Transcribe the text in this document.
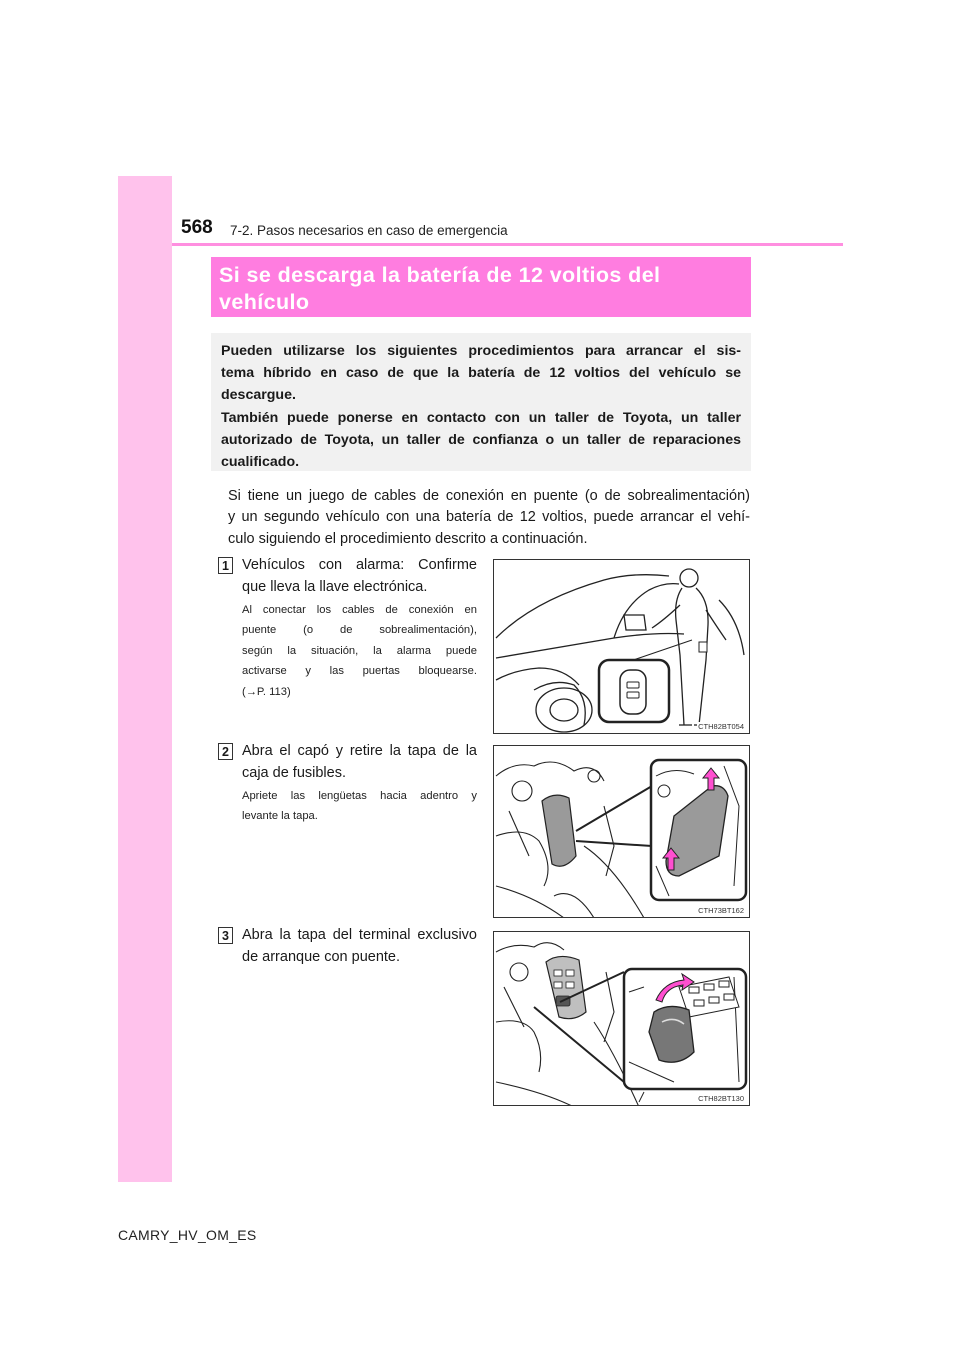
568 7-2. Pasos necesarios en caso de emergencia
Si se descarga la batería de 12 voltios del
vehículo

Pueden utilizarse los siguientes procedimientos para arrancar el sis-

tema híbrido en caso de que la batería de 12 voltios del vehículo se

descargue.

También puede ponerse en contacto con un taller de Toyota, un taller

autorizado de Toyota, un taller de confianza o un taller de reparaciones

cualificado.

Si tiene un juego de cables de conexión en puente (o de sobrealimentación)
y un segundo vehículo con una batería de 12 voltios, puede arrancar el vehí-
culo siguiendo el procedimiento descrito a continuación.
1 Vehículos con alarma: Confirme
que lleva la llave electrónica.
Al conectar los cables de conexión en
puente (o de sobrealimentación),
según la situación, la alarma puede
activarse y las puertas bloquearse.
(→P. 113)
CTH82BT054
2 Abra el capó y retire la tapa de la
caja de fusibles.
Apriete las lengüetas hacia adentro y
levante la tapa.
CTH73BT162
3 Abra la tapa del terminal exclusivo
de arranque con puente.
CTH82BT130
CAMRY_HV_OM_ES
